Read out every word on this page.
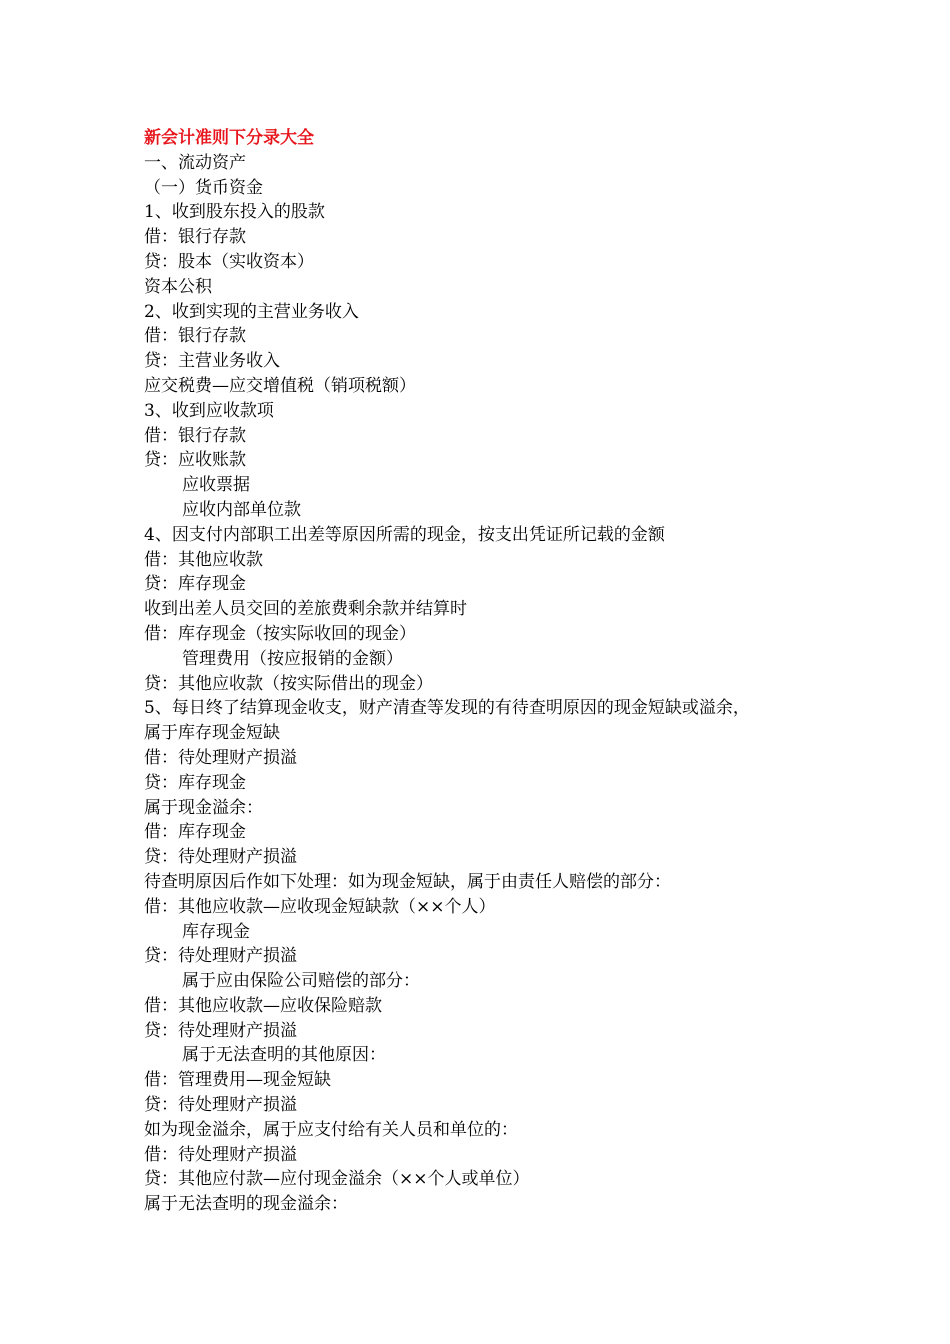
新会计准则下分录大全
一、流动资产
（一）货币资金
1、收到股东投入的股款
借：银行存款
贷：股本（实收资本）
资本公积
2、收到实现的主营业务收入
借：银行存款
贷：主营业务收入
应交税费—应交增值税（销项税额）
3、收到应收款项
借：银行存款
贷：应收账款
应收票据
应收内部单位款
4、因支付内部职工出差等原因所需的现金，按支出凭证所记载的金额
借：其他应收款
贷：库存现金
收到出差人员交回的差旅费剩余款并结算时
借：库存现金（按实际收回的现金）
管理费用（按应报销的金额）
贷：其他应收款（按实际借出的现金）
5、每日终了结算现金收支，财产清查等发现的有待查明原因的现金短缺或溢余，
属于库存现金短缺
借：待处理财产损溢
贷：库存现金
属于现金溢余：
借：库存现金
贷：待处理财产损溢
待查明原因后作如下处理：如为现金短缺，属于由责任人赔偿的部分：
借：其他应收款—应收现金短缺款（××个人）
库存现金
贷：待处理财产损溢
属于应由保险公司赔偿的部分：
借：其他应收款—应收保险赔款
贷：待处理财产损溢
属于无法查明的其他原因：
借：管理费用—现金短缺
贷：待处理财产损溢
如为现金溢余，属于应支付给有关人员和单位的：
借：待处理财产损溢
贷：其他应付款—应付现金溢余（××个人或单位）
属于无法查明的现金溢余：
